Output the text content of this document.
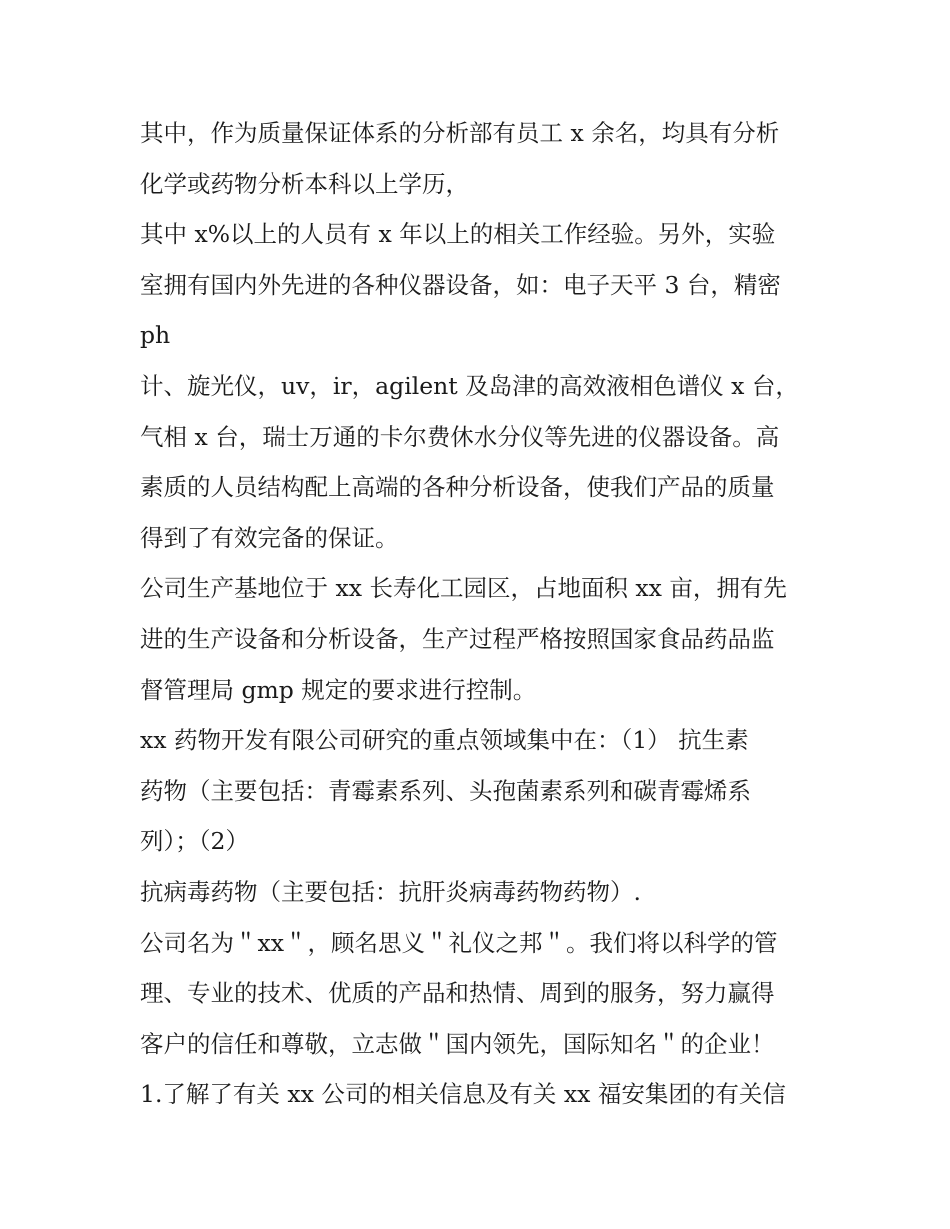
其中，作为质量保证体系的分析部有员工 x 余名，均具有分析
化学或药物分析本科以上学历，
其中 x%以上的人员有 x 年以上的相关工作经验。另外，实验
室拥有国内外先进的各种仪器设备，如：电子天平 3 台，精密
ph
计、旋光仪，uv，ir，agilent 及岛津的高效液相色谱仪 x 台，
气相 x 台，瑞士万通的卡尔费休水分仪等先进的仪器设备。高
素质的人员结构配上高端的各种分析设备，使我们产品的质量
得到了有效完备的保证。
公司生产基地位于 xx 长寿化工园区，占地面积 xx 亩，拥有先
进的生产设备和分析设备，生产过程严格按照国家食品药品监
督管理局 gmp 规定的要求进行控制。
xx 药物开发有限公司研究的重点领域集中在：（1） 抗生素
药物（主要包括：青霉素系列、头孢菌素系列和碳青霉烯系
列）；（2）
抗病毒药物（主要包括：抗肝炎病毒药物药物）.
公司名为＂xx＂，顾名思义＂礼仪之邦＂。我们将以科学的管
理、专业的技术、优质的产品和热情、周到的服务，努力赢得
客户的信任和尊敬，立志做＂国内领先，国际知名＂的企业！
1.了解了有关 xx 公司的相关信息及有关 xx 福安集团的有关信
